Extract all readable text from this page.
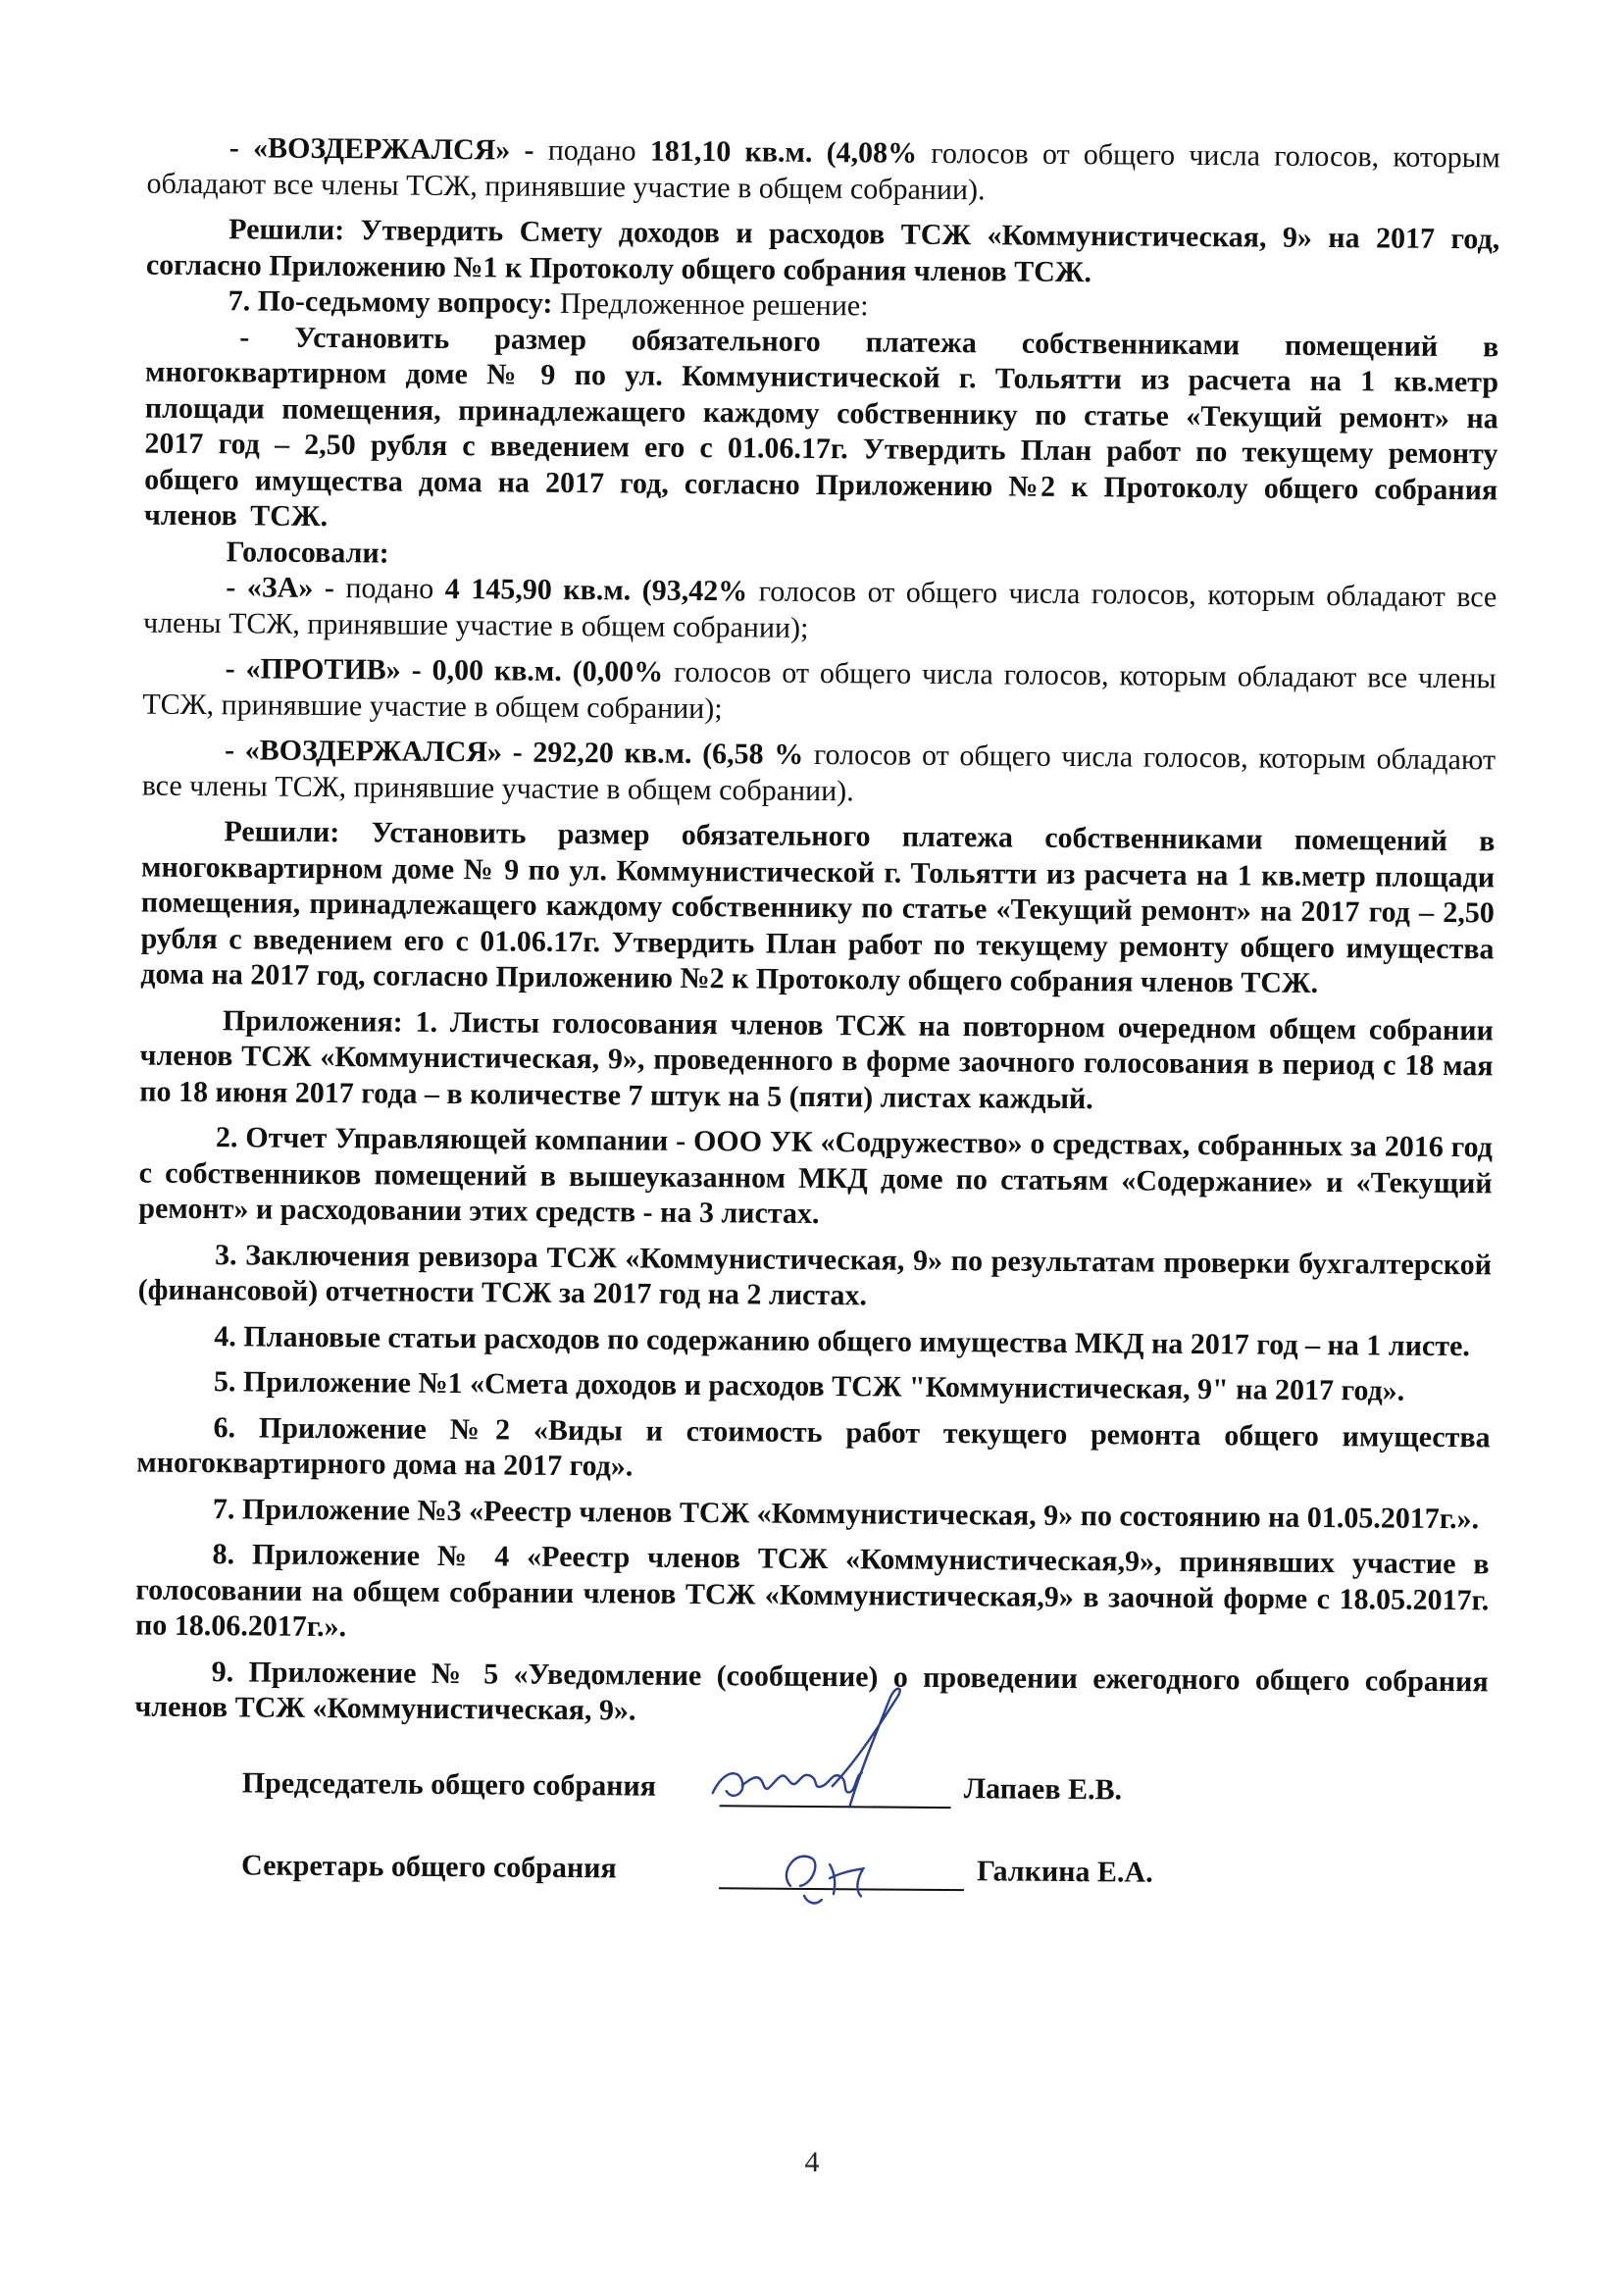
- «ВОЗДЕРЖАЛСЯ» - подано 181,10 кв.м. (4,08% голосов от общего числа голосов, которым обладают все члены ТСЖ, принявшие участие в общем собрании).

Решили: Утвердить Смету доходов и расходов ТСЖ «Коммунистическая, 9» на 2017 год, согласно Приложению №1 к Протоколу общего собрания членов ТСЖ.

7. По-седьмому вопросу: Предложенное решение:

- Установить размер обязательного платежа собственниками помещений в многоквартирном доме № 9 по ул. Коммунистической г. Тольятти из расчета на 1 кв.метр площади помещения, принадлежащего каждому собственнику по статье «Текущий ремонт» на 2017 год – 2,50 рубля с введением его с 01.06.17г. Утвердить План работ по текущему ремонту общего имущества дома на 2017 год, согласно Приложению №2 к Протоколу общего собрания членов ТСЖ.

Голосовали:

- «ЗА» - подано 4 145,90 кв.м. (93,42% голосов от общего числа голосов, которым обладают все члены ТСЖ, принявшие участие в общем собрании);

- «ПРОТИВ» - 0,00 кв.м. (0,00% голосов от общего числа голосов, которым обладают все члены ТСЖ, принявшие участие в общем собрании);

- «ВОЗДЕРЖАЛСЯ» - 292,20 кв.м. (6,58 % голосов от общего числа голосов, которым обладают все члены ТСЖ, принявшие участие в общем собрании).

Решили: Установить размер обязательного платежа собственниками помещений в многоквартирном доме № 9 по ул. Коммунистической г. Тольятти из расчета на 1 кв.метр площади помещения, принадлежащего каждому собственнику по статье «Текущий ремонт» на 2017 год – 2,50 рубля с введением его с 01.06.17г. Утвердить План работ по текущему ремонту общего имущества дома на 2017 год, согласно Приложению №2 к Протоколу общего собрания членов ТСЖ.

Приложения: 1. Листы голосования членов ТСЖ на повторном очередном общем собрании членов ТСЖ «Коммунистическая, 9», проведенного в форме заочного голосования в период с 18 мая по 18 июня 2017 года – в количестве 7 штук на 5 (пяти) листах каждый.

2. Отчет Управляющей компании - ООО УК «Содружество» о средствах, собранных за 2016 год с собственников помещений в вышеуказанном МКД доме по статьям «Содержание» и «Текущий ремонт» и расходовании этих средств - на 3 листах.

3. Заключения ревизора ТСЖ «Коммунистическая, 9» по результатам проверки бухгалтерской (финансовой) отчетности ТСЖ за 2017 год на 2 листах.

4. Плановые статьи расходов по содержанию общего имущества МКД на 2017 год – на 1 листе.

5. Приложение №1 «Смета доходов и расходов ТСЖ "Коммунистическая, 9" на 2017 год».

6. Приложение №2 «Виды и стоимость работ текущего ремонта общего имущества многоквартирного дома на 2017 год».

7. Приложение №3 «Реестр членов ТСЖ «Коммунистическая, 9» по состоянию на 01.05.2017г.».

8. Приложение № 4 «Реестр членов ТСЖ «Коммунистическая,9», принявших участие в голосовании на общем собрании членов ТСЖ «Коммунистическая,9» в заочной форме с 18.05.2017г. по 18.06.2017г.».

9. Приложение № 5 «Уведомление (сообщение) о проведении ежегодного общего собрания членов ТСЖ «Коммунистическая, 9».

Председатель общего собрания	Лапаев Е.В.
Секретарь общего собрания	Галкина Е.А.
4
